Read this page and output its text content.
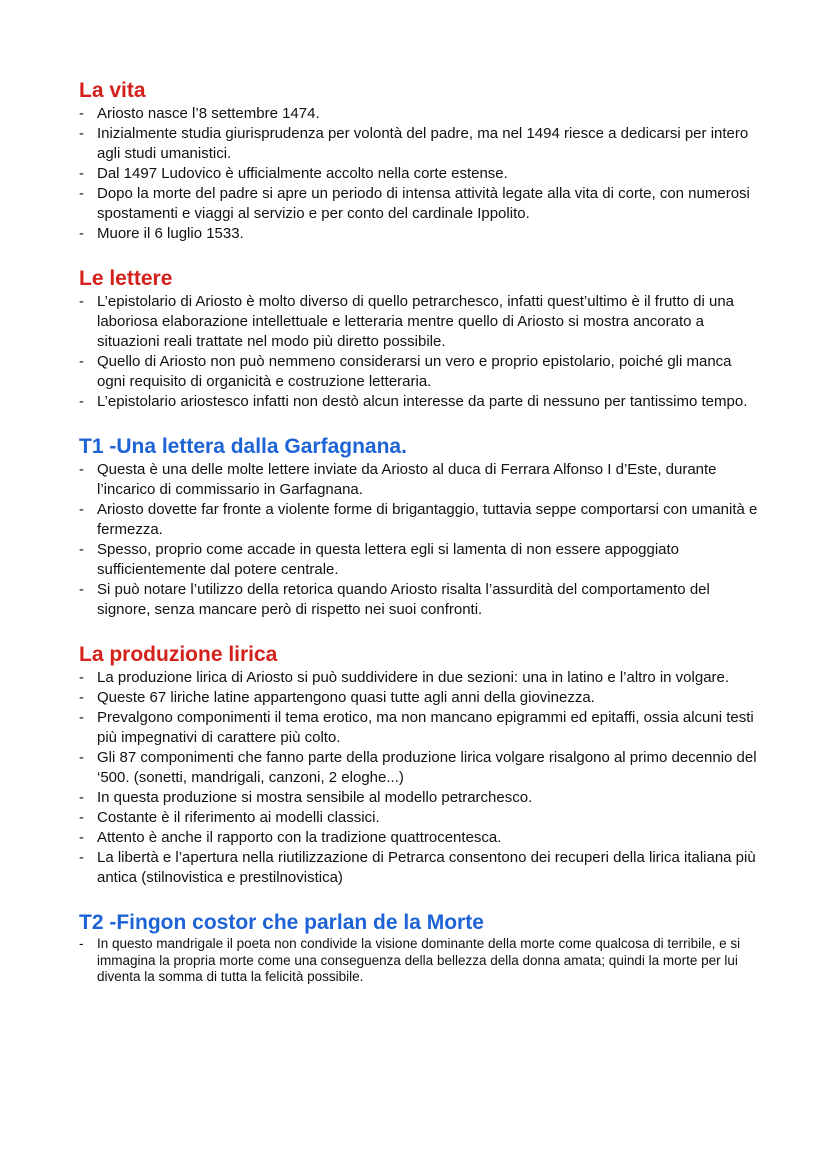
La vita
- Ariosto nasce l’8 settembre 1474.
- Inizialmente studia giurisprudenza per volontà del padre, ma nel 1494 riesce a dedicarsi per intero agli studi umanistici.
- Dal 1497 Ludovico è ufficialmente accolto nella corte estense.
- Dopo la morte del padre si apre un periodo di intensa attività legate alla vita di corte, con numerosi spostamenti e viaggi al servizio e per conto del cardinale Ippolito.
- Muore il 6 luglio 1533.
Le lettere
- L’epistolario di Ariosto è molto diverso di quello petrarchesco, infatti quest’ultimo è il frutto di una laboriosa elaborazione intellettuale e letteraria mentre quello di Ariosto si mostra ancorato a situazioni reali trattate nel modo più diretto possibile.
- Quello di Ariosto non può nemmeno considerarsi un vero e proprio epistolario, poiché gli manca ogni requisito di organicità e costruzione letteraria.
- L’epistolario ariostesco infatti non destò alcun interesse da parte di nessuno per tantissimo tempo.
T1 -Una lettera dalla Garfagnana.
- Questa è una delle molte lettere inviate da Ariosto al duca di Ferrara Alfonso I d’Este, durante l’incarico di commissario in Garfagnana.
- Ariosto dovette far fronte a violente forme di brigantaggio, tuttavia seppe comportarsi con umanità e fermezza.
- Spesso, proprio come accade in questa lettera egli si lamenta di non essere appoggiato sufficientemente dal potere centrale.
- Si può notare l’utilizzo della retorica quando Ariosto risalta l’assurdità del comportamento del signore, senza mancare però di rispetto nei suoi confronti.
La produzione lirica
- La produzione lirica di Ariosto si può suddividere in due sezioni: una in latino e l’altro in volgare.
- Queste 67 liriche latine appartengono quasi tutte agli anni della giovinezza.
- Prevalgono componimenti il tema erotico, ma non mancano epigrammi ed epitaffi, ossia alcuni testi più impegnativi di carattere più colto.
- Gli 87 componimenti che fanno parte della produzione lirica volgare risalgono al primo decennio del ‘500. (sonetti, mandrigali, canzoni, 2 eloghe...)
- In questa produzione si mostra sensibile al modello petrarchesco.
- Costante è il riferimento ai modelli classici.
- Attento è anche il rapporto con la tradizione quattrocentesca.
- La libertà e l’apertura nella riutilizzazione di Petrarca consentono dei recuperi della lirica italiana più antica (stilnovistica e prestilnovistica)
T2 -Fingon costor che parlan de la Morte
- In questo mandrigale il poeta non condivide la visione dominante della morte come qualcosa di terribile, e si immagina la propria morte come una conseguenza della bellezza della donna amata; quindi la morte per lui diventa la somma di tutta la felicità possibile.
